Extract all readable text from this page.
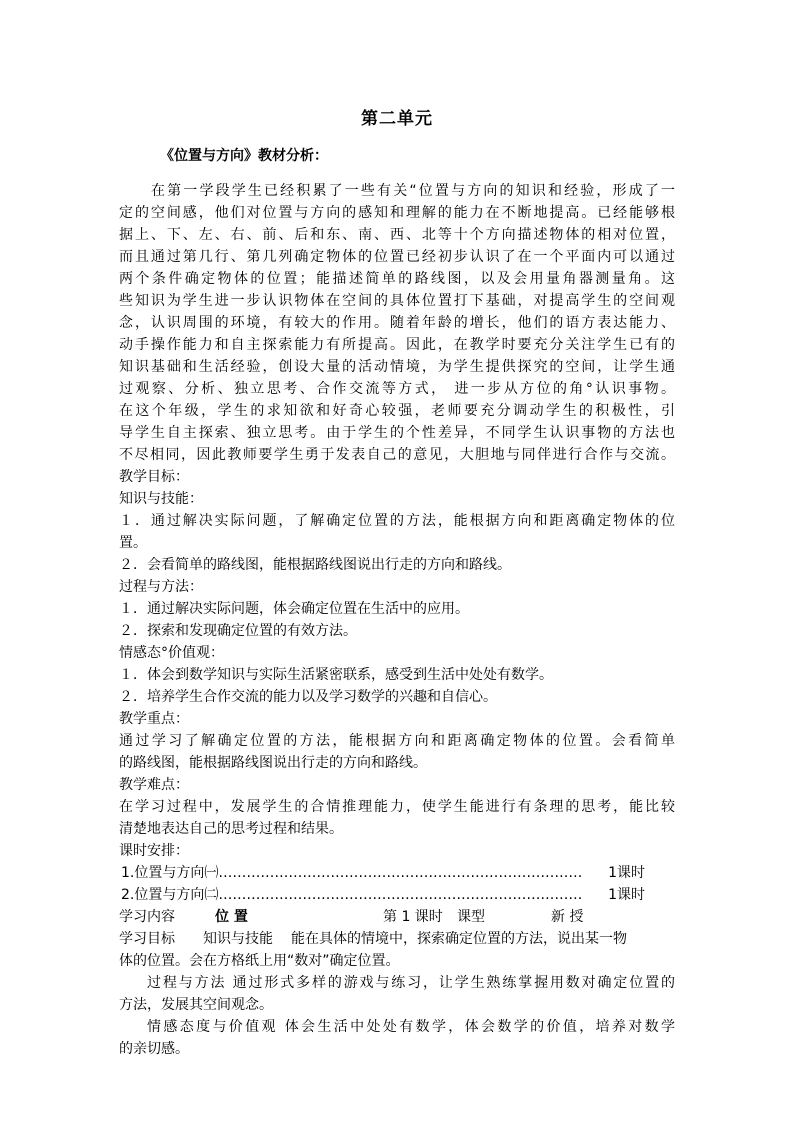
第二单元
《位置与方向》教材分析：
在第一学段学生已经积累了一些有关“位置与方向的知识和经验，形成了一
定的空间感，他们对位置与方向的感知和理解的能力在不断地提高。已经能够根
据上、下、左、右、前、后和东、南、西、北等十个方向描述物体的相对位置，
而且通过第几行、第几列确定物体的位置已经初步认识了在一个平面内可以通过
两个条件确定物体的位置；能描述简单的路线图，以及会用量角器测量角。这
些知识为学生进一步认识物体在空间的具体位置打下基础，对提高学生的空间观
念，认识周围的环境，有较大的作用。随着年龄的增长，他们的语方表达能力、
动手操作能力和自主探索能力有所提高。因此，在教学时要充分关注学生已有的
知识基础和生活经验，创设大量的活动情境，为学生提供探究的空间，让学生通
过观察、分析、独立思考、合作交流等方式， 进一步从方位的角°认识事物。
在这个年级，学生的求知欲和好奇心较强，老师要充分调动学生的积极性，引
导学生自主探索、独立思考。由于学生的个性差异，不同学生认识事物的方法也
不尽相同，因此教师要学生勇于发表自己的意见，大胆地与同伴进行合作与交流。
教学目标：
知识与技能：
１．通过解决实际问题，了解确定位置的方法，能根据方向和距离确定物体的位
置。
２．会看简单的路线图，能根据路线图说出行走的方向和路线。
过程与方法：
１．通过解决实际问题，体会确定位置在生活中的应用。
２．探索和发现确定位置的有效方法。
情感态°价值观：
１．体会到数学知识与实际生活紧密联系，感受到生活中处处有数学。
２．培养学生合作交流的能力以及学习数学的兴趣和自信心。
教学重点：
通过学习了解确定位置的方法，能根据方向和距离确定物体的位置。会看简单
的路线图，能根据路线图说出行走的方向和路线。
教学难点：
在学习过程中，发展学生的合情推理能力，使学生能进行有条理的思考，能比较
清楚地表达自己的思考过程和结果。
课时安排：
1.位置与方向㈠ ……………………………………………………………………	1课时
2.位置与方向㈡ ……………………………………………………………………	1课时
学习内容	位 置	第 1 课时 课型	新 授
学习目标 知识与技能 能在具体的情境中，探索确定位置的方法，说出某一物
体的位置。会在方格纸上用“数对”确定位置。
过程与方法 通过形式多样的游戏与练习，让学生熟练掌握用数对确定位置的
方法，发展其空间观念。
情感态度与价值观 体会生活中处处有数学，体会数学的价值，培养对数学
的亲切感。
